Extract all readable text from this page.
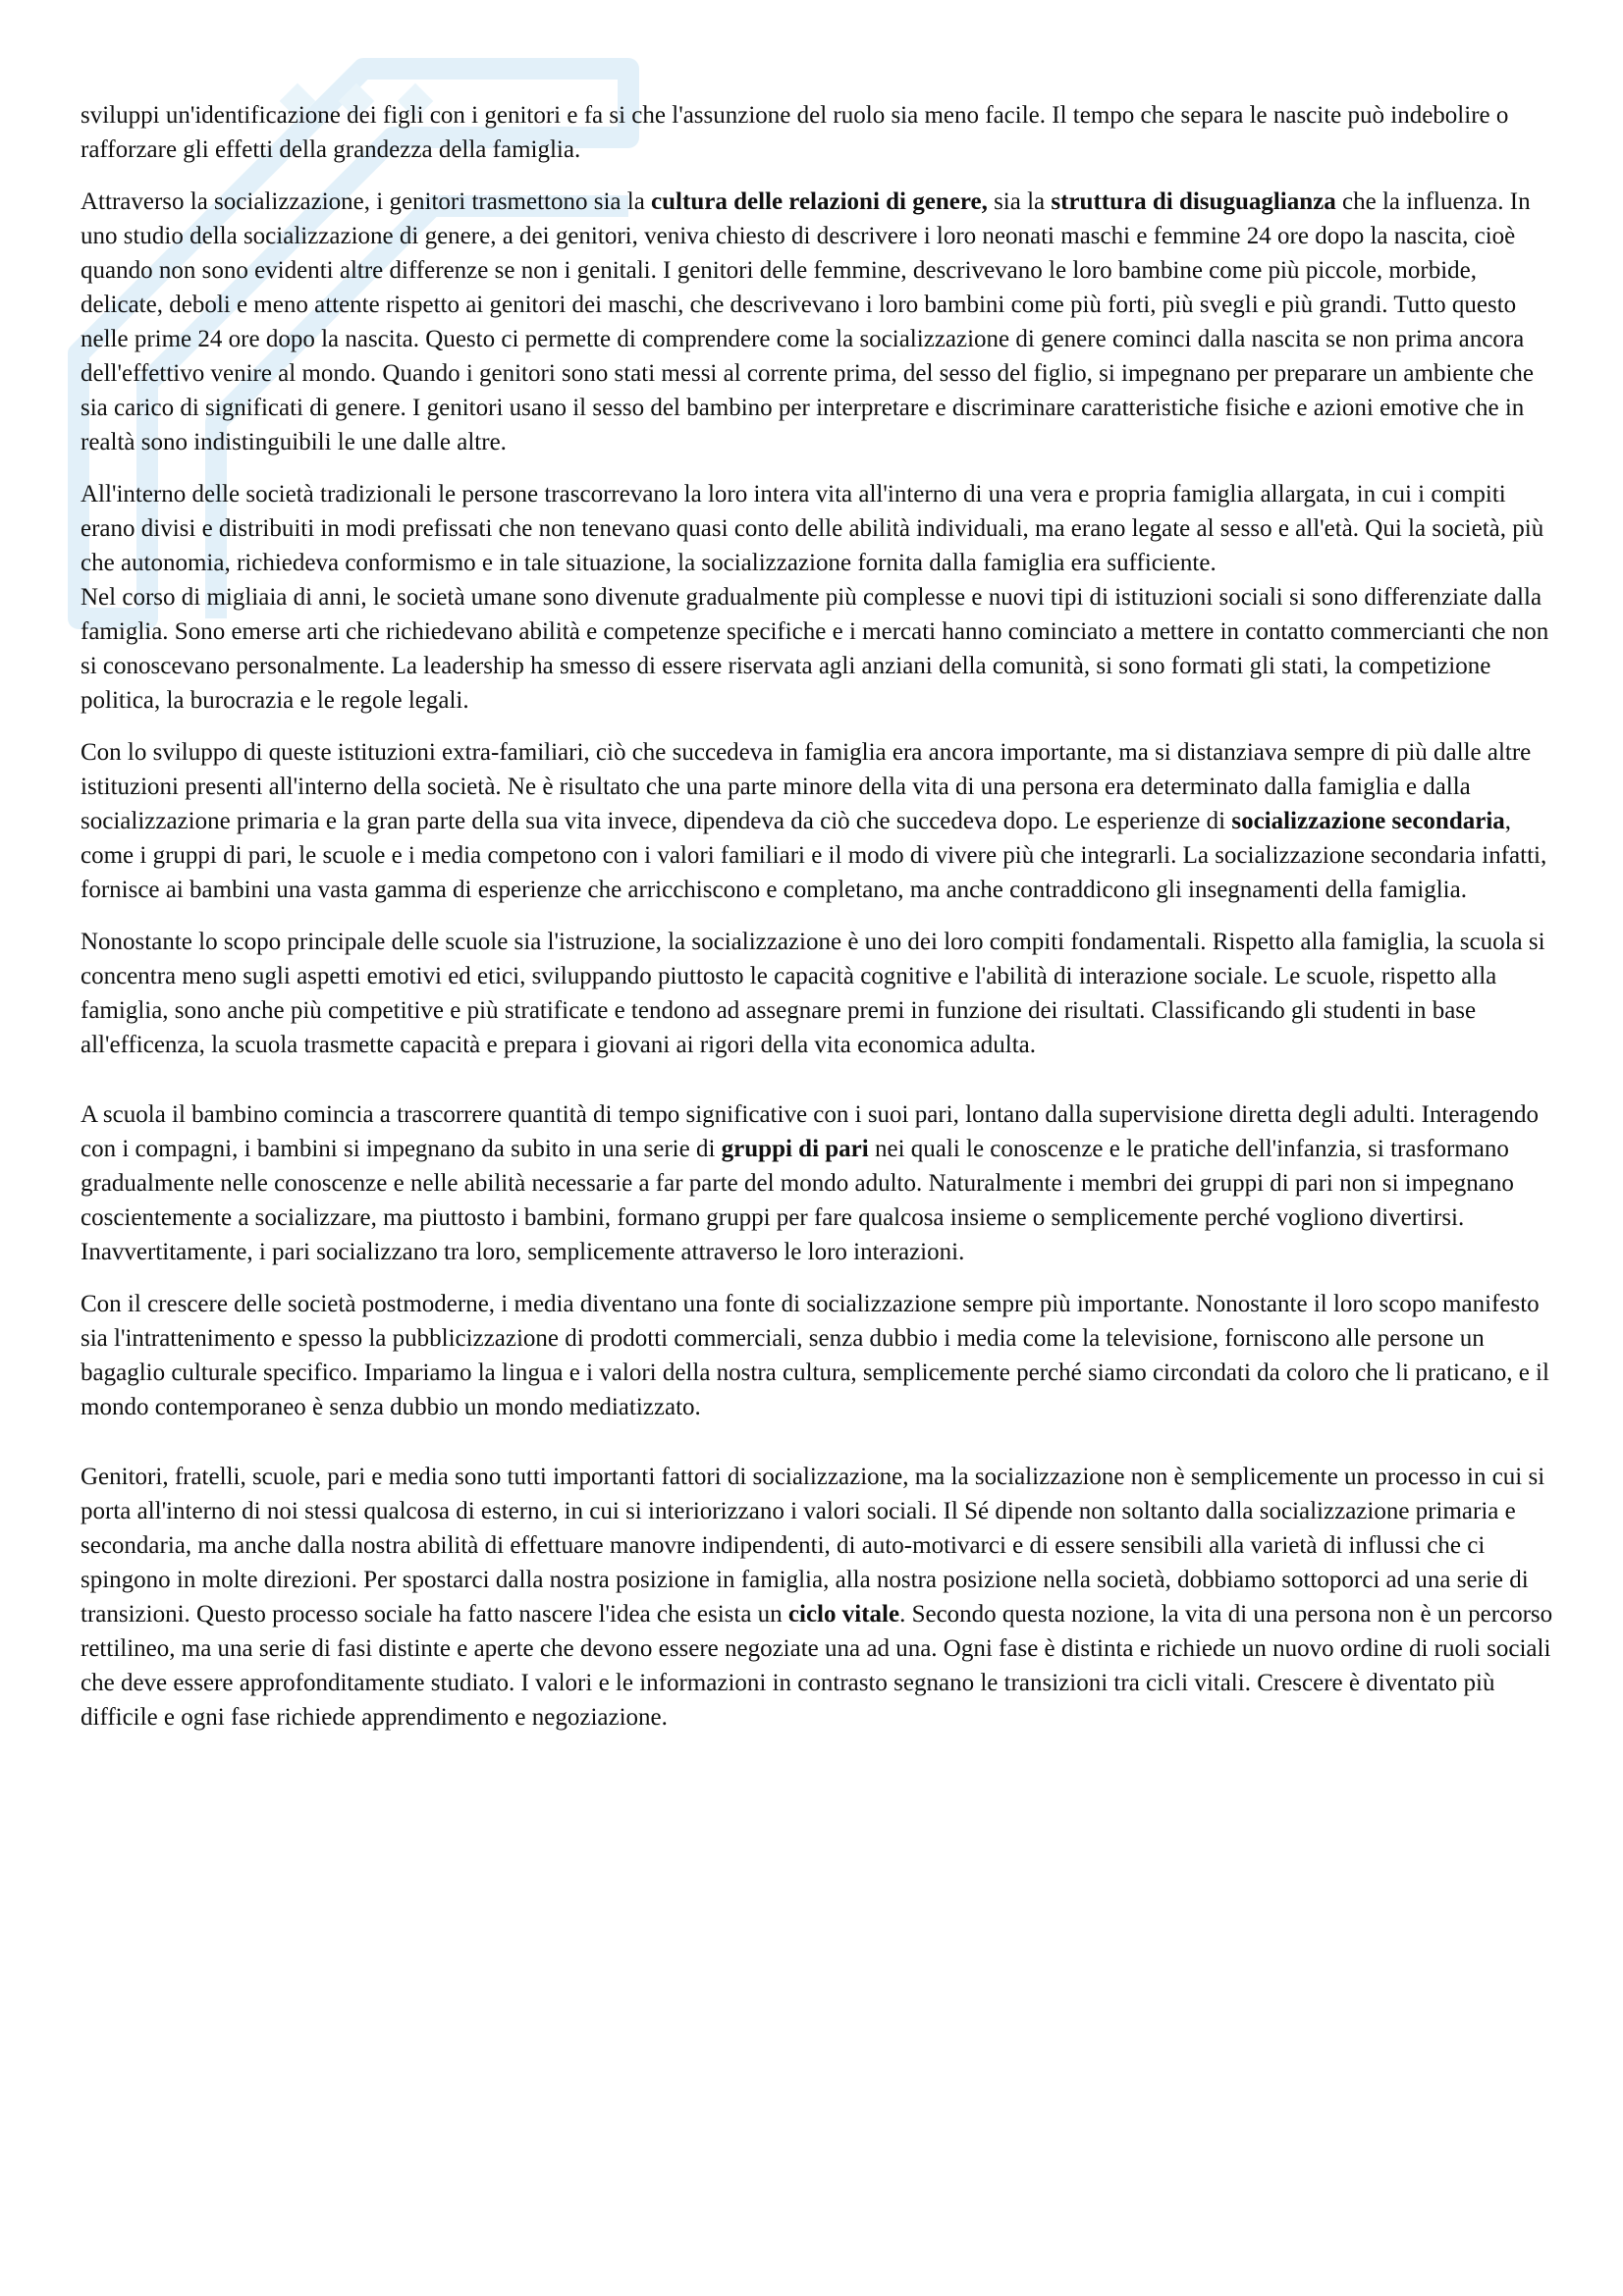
sviluppi un'identificazione dei figli con i genitori e fa si che l'assunzione del ruolo sia meno facile. Il tempo che separa le nascite può indebolire o rafforzare gli effetti della grandezza della famiglia.

Attraverso la socializzazione, i genitori trasmettono sia la cultura delle relazioni di genere, sia la struttura di disuguaglianza che la influenza. In uno studio della socializzazione di genere, a dei genitori, veniva chiesto di descrivere i loro neonati maschi e femmine 24 ore dopo la nascita, cioè quando non sono evidenti altre differenze se non i genitali. I genitori delle femmine, descrivevano le loro bambine come più piccole, morbide, delicate, deboli e meno attente rispetto ai genitori dei maschi, che descrivevano i loro bambini come più forti, più svegli e più grandi. Tutto questo nelle prime 24 ore dopo la nascita. Questo ci permette di comprendere come la socializzazione di genere cominci dalla nascita se non prima ancora dell'effettivo venire al mondo. Quando i genitori sono stati messi al corrente prima, del sesso del figlio, si impegnano per preparare un ambiente che sia carico di significati di genere. I genitori usano il sesso del bambino per interpretare e discriminare caratteristiche fisiche e azioni emotive che in realtà sono indistinguibili le une dalle altre.

All'interno delle società tradizionali le persone trascorrevano la loro intera vita all'interno di una vera e propria famiglia allargata, in cui i compiti erano divisi e distribuiti in modi prefissati che non tenevano quasi conto delle abilità individuali, ma erano legate al sesso e all'età. Qui la società, più che autonomia, richiedeva conformismo e in tale situazione, la socializzazione fornita dalla famiglia era sufficiente.

Nel corso di migliaia di anni, le società umane sono divenute gradualmente più complesse e nuovi tipi di istituzioni sociali si sono differenziate dalla famiglia. Sono emerse arti che richiedevano abilità e competenze specifiche e i mercati hanno cominciato a mettere in contatto commercianti che non si conoscevano personalmente. La leadership ha smesso di essere riservata agli anziani della comunità, si sono formati gli stati, la competizione politica, la burocrazia e le regole legali.

Con lo sviluppo di queste istituzioni extra-familiari, ciò che succedeva in famiglia era ancora importante, ma si distanziava sempre di più dalle altre istituzioni presenti all'interno della società. Ne è risultato che una parte minore della vita di una persona era determinato dalla famiglia e dalla socializzazione primaria e la gran parte della sua vita invece, dipendeva da ciò che succedeva dopo. Le esperienze di socializzazione secondaria, come i gruppi di pari, le scuole e i media competono con i valori familiari e il modo di vivere più che integrarli. La socializzazione secondaria infatti, fornisce ai bambini una vasta gamma di esperienze che arricchiscono e completano, ma anche contraddicono gli insegnamenti della famiglia.

Nonostante lo scopo principale delle scuole sia l'istruzione, la socializzazione è uno dei loro compiti fondamentali. Rispetto alla famiglia, la scuola si concentra meno sugli aspetti emotivi ed etici, sviluppando piuttosto le capacità cognitive e l'abilità di interazione sociale. Le scuole, rispetto alla famiglia, sono anche più competitive e più stratificate e tendono ad assegnare premi in funzione dei risultati. Classificando gli studenti in base all'efficenza, la scuola trasmette capacità e prepara i giovani ai rigori della vita economica adulta.

A scuola il bambino comincia a trascorrere quantità di tempo significative con i suoi pari, lontano dalla supervisione diretta degli adulti. Interagendo con i compagni, i bambini si impegnano da subito in una serie di gruppi di pari nei quali le conoscenze e le pratiche dell'infanzia, si trasformano gradualmente nelle conoscenze e nelle abilità necessarie a far parte del mondo adulto. Naturalmente i membri dei gruppi di pari non si impegnano coscientemente a socializzare, ma piuttosto i bambini, formano gruppi per fare qualcosa insieme o semplicemente perché vogliono divertirsi. Inavvertitamente, i pari socializzano tra loro, semplicemente attraverso le loro interazioni.

Con il crescere delle società postmoderne, i media diventano una fonte di socializzazione sempre più importante. Nonostante il loro scopo manifesto sia l'intrattenimento e spesso la pubblicizzazione di prodotti commerciali, senza dubbio i media come la televisione, forniscono alle persone un bagaglio culturale specifico. Impariamo la lingua e i valori della nostra cultura, semplicemente perché siamo circondati da coloro che li praticano, e il mondo contemporaneo è senza dubbio un mondo mediatizzato.

Genitori, fratelli, scuole, pari e media sono tutti importanti fattori di socializzazione, ma la socializzazione non è semplicemente un processo in cui si porta all'interno di noi stessi qualcosa di esterno, in cui si interiorizzano i valori sociali. Il Sé dipende non soltanto dalla socializzazione primaria e secondaria, ma anche dalla nostra abilità di effettuare manovre indipendenti, di auto-motivarci e di essere sensibili alla varietà di influssi che ci spingono in molte direzioni. Per spostarci dalla nostra posizione in famiglia, alla nostra posizione nella società, dobbiamo sottoporci ad una serie di transizioni. Questo processo sociale ha fatto nascere l'idea che esista un ciclo vitale. Secondo questa nozione, la vita di una persona non è un percorso rettilineo, ma una serie di fasi distinte e aperte che devono essere negoziate una ad una. Ogni fase è distinta e richiede un nuovo ordine di ruoli sociali che deve essere approfonditamente studiato. I valori e le informazioni in contrasto segnano le transizioni tra cicli vitali. Crescere è diventato più difficile e ogni fase richiede apprendimento e negoziazione.
